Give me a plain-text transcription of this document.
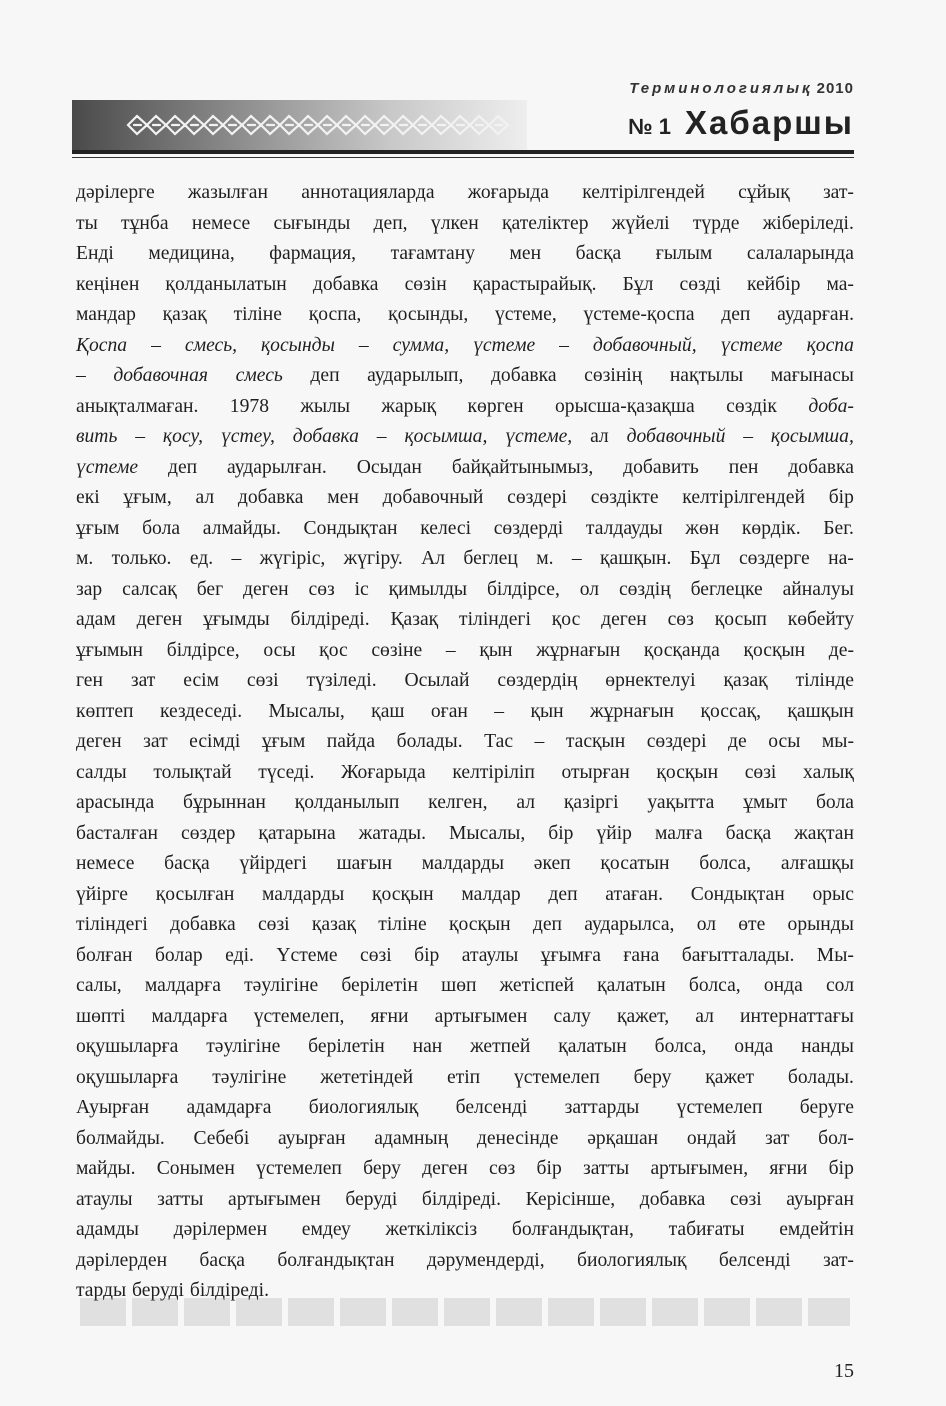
Терминологиялық 2010
№ 1 Хабаршы
дәрілерге жазылған аннотацияларда жоғарыда келтірілгендей сұйық зат-
ты тұнба немесе сығынды деп, үлкен қателіктер жүйелі түрде жіберіледі.
Енді медицина, фармация, тағамтану мен басқа ғылым салаларында
кеңінен қолданылатын добавка сөзін қарастырайық. Бұл сөзді кейбір ма-
мандар қазақ тіліне қоспа, қосынды, үстеме, үстеме-қоспа деп аударған.
Қоспа – смесь, қосынды – сумма, үстеме – добавочный, үстеме қоспа
– добавочная смесь деп аударылып, добавка сөзінің нақтылы мағынасы
анықталмаған. 1978 жылы жарық көрген орысша-қазақша сөздік доба-
вить – қосу, үстеу, добавка – қосымша, үстеме, ал добавочный – қосымша,
үстеме деп аударылған. Осыдан байқайтынымыз, добавить пен добавка
екі ұғым, ал добавка мен добавочный сөздері сөздікте келтірілгендей бір
ұғым бола алмайды. Сондықтан келесі сөздерді талдауды жөн көрдік. Бег.
м. только. ед. – жүгіріс, жүгіру. Ал беглец м. – қашқын. Бұл сөздерге на-
зар салсақ бег деген сөз іс қимылды білдірсе, ол сөздің беглецке айналуы
адам деген ұғымды білдіреді. Қазақ тіліндегі қос деген сөз қосып көбейту
ұғымын білдірсе, осы қос сөзіне – қын жұрнағын қосқанда қосқын де-
ген зат есім сөзі түзіледі. Осылай сөздердің өрнектелуі қазақ тілінде
көптеп кездеседі. Мысалы, қаш оған – қын жұрнағын қоссақ, қашқын
деген зат есімді ұғым пайда болады. Тас – тасқын сөздері де осы мы-
салды толықтай түседі. Жоғарыда келтіріліп отырған қосқын сөзі халық
арасында бұрыннан қолданылып келген, ал қазіргі уақытта ұмыт бола
басталған сөздер қатарына жатады. Мысалы, бір үйір малға басқа жақтан
немесе басқа үйірдегі шағын малдарды әкеп қосатын болса, алғашқы
үйірге қосылған малдарды қосқын малдар деп атаған. Сондықтан орыс
тіліндегі добавка сөзі қазақ тіліне қосқын деп аударылса, ол өте орынды
болған болар еді. Үстеме сөзі бір атаулы ұғымға ғана бағытталады. Мы-
салы, малдарға тәулігіне берілетін шөп жетіспей қалатын болса, онда сол
шөпті малдарға үстемелеп, яғни артығымен салу қажет, ал интернаттағы
оқушыларға тәулігіне берілетін нан жетпей қалатын болса, онда нанды
оқушыларға тәулігіне жететіндей етіп үстемелеп беру қажет болады.
Ауырған адамдарға биологиялық белсенді заттарды үстемелеп беруге
болмайды. Себебі ауырған адамның денесінде әрқашан ондай зат бол-
майды. Сонымен үстемелеп беру деген сөз бір затты артығымен, яғни бір
атаулы затты артығымен беруді білдіреді. Керісінше, добавка сөзі ауырған
адамды дәрілермен емдеу жеткіліксіз болғандықтан, табиғаты емдейтін
дәрілерден басқа болғандықтан дәрумендерді, биологиялық белсенді зат-
тарды беруді білдіреді.
15
